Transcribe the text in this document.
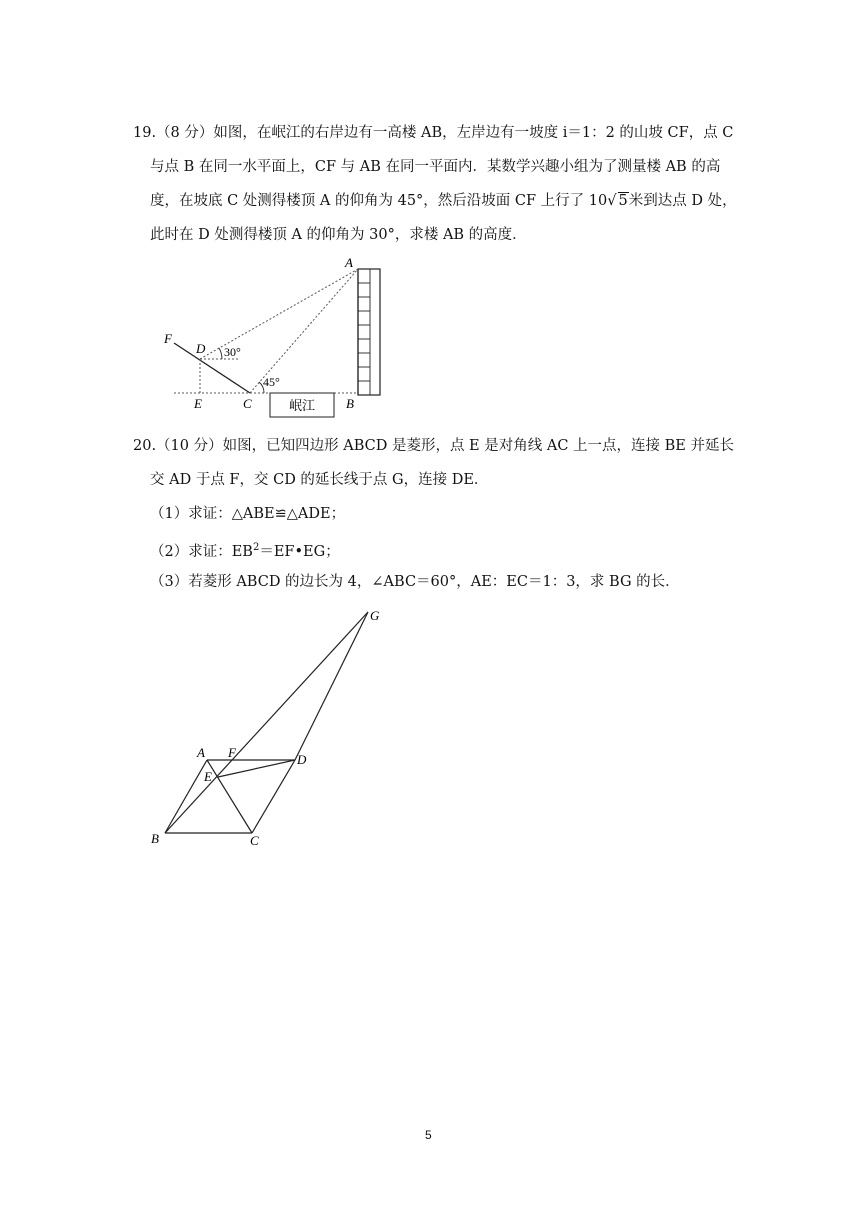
19.（8 分）如图，在岷江的右岸边有一高楼 AB，左岸边有一坡度 i＝1：2 的山坡 CF，点 C
与点 B 在同一水平面上，CF 与 AB 在同一平面内．某数学兴趣小组为了测量楼 AB 的高
度，在坡底 C 处测得楼顶 A 的仰角为 45°，然后沿坡面 CF 上行了 10√ 5米到达点 D 处，
此时在 D 处测得楼顶 A 的仰角为 30°，求楼 AB 的高度．
岷江
A
B
C
D
E
F
30°
45°
20.（10 分）如图，已知四边形 ABCD 是菱形，点 E 是对角线 AC 上一点，连接 BE 并延长
交 AD 于点 F，交 CD 的延长线于点 G，连接 DE．
（1）求证：△ABE≌△ADE；
（2）求证：$EB^2=EF•EG$；
（3）若菱形 ABCD 的边长为 4，∠ABC＝60°，AE：EC＝1：3，求 BG 的长．
A
B	C
D
E
F
G
5
